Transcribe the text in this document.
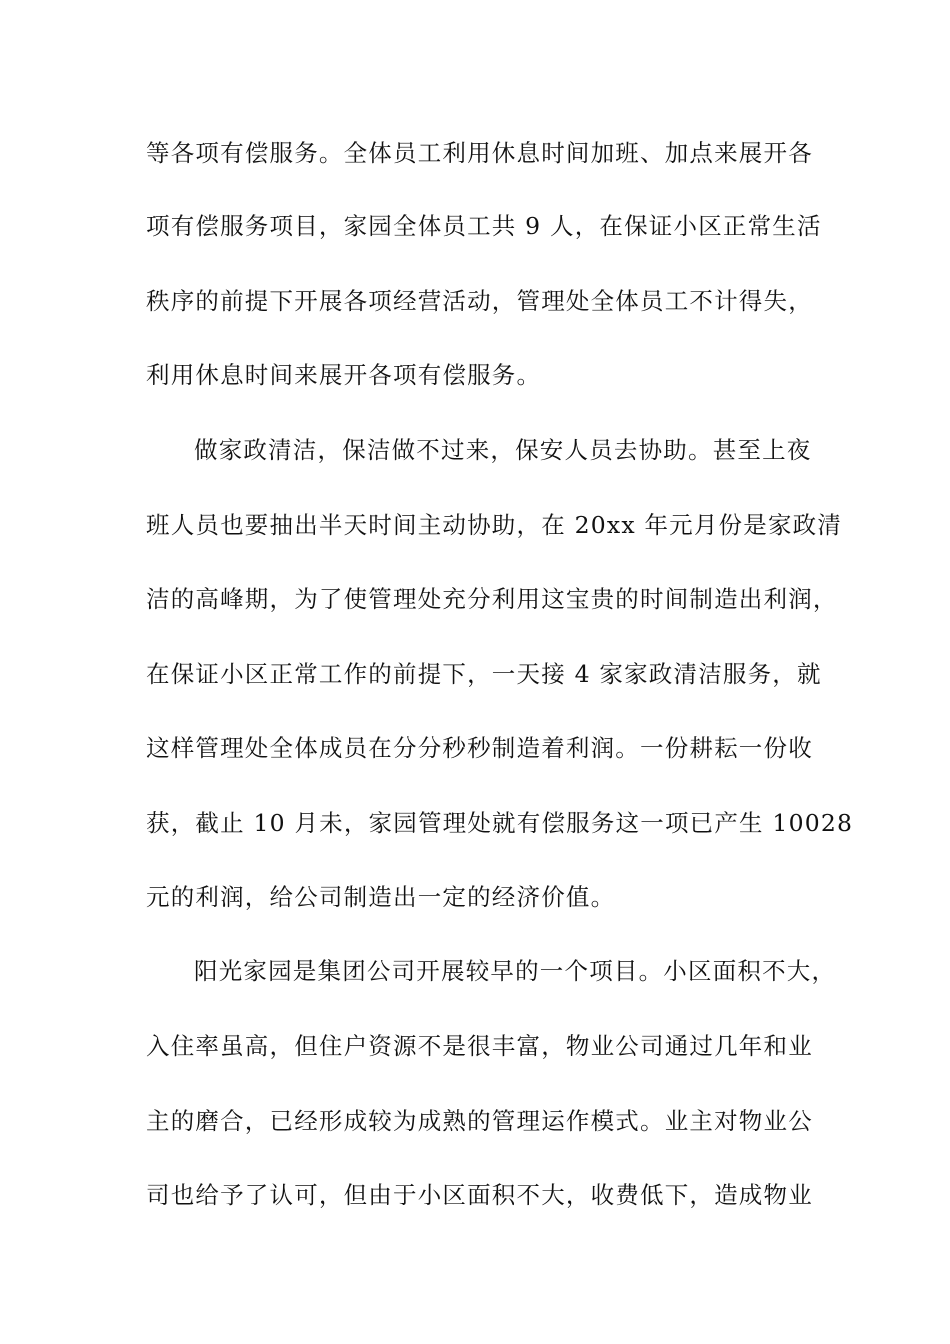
等各项有偿服务。全体员工利用休息时间加班、加点来展开各
项有偿服务项目，家园全体员工共 9 人，在保证小区正常生活
秩序的前提下开展各项经营活动，管理处全体员工不计得失，
利用休息时间来展开各项有偿服务。
做家政清洁，保洁做不过来，保安人员去协助。甚至上夜
班人员也要抽出半天时间主动协助，在 20xx 年元月份是家政清
洁的高峰期，为了使管理处充分利用这宝贵的时间制造出利润，
在保证小区正常工作的前提下，一天接 4 家家政清洁服务，就
这样管理处全体成员在分分秒秒制造着利润。一份耕耘一份收
获，截止 10 月未，家园管理处就有偿服务这一项已产生 10028
元的利润，给公司制造出一定的经济价值。
阳光家园是集团公司开展较早的一个项目。小区面积不大，
入住率虽高，但住户资源不是很丰富，物业公司通过几年和业
主的磨合，已经形成较为成熟的管理运作模式。业主对物业公
司也给予了认可，但由于小区面积不大，收费低下，造成物业
